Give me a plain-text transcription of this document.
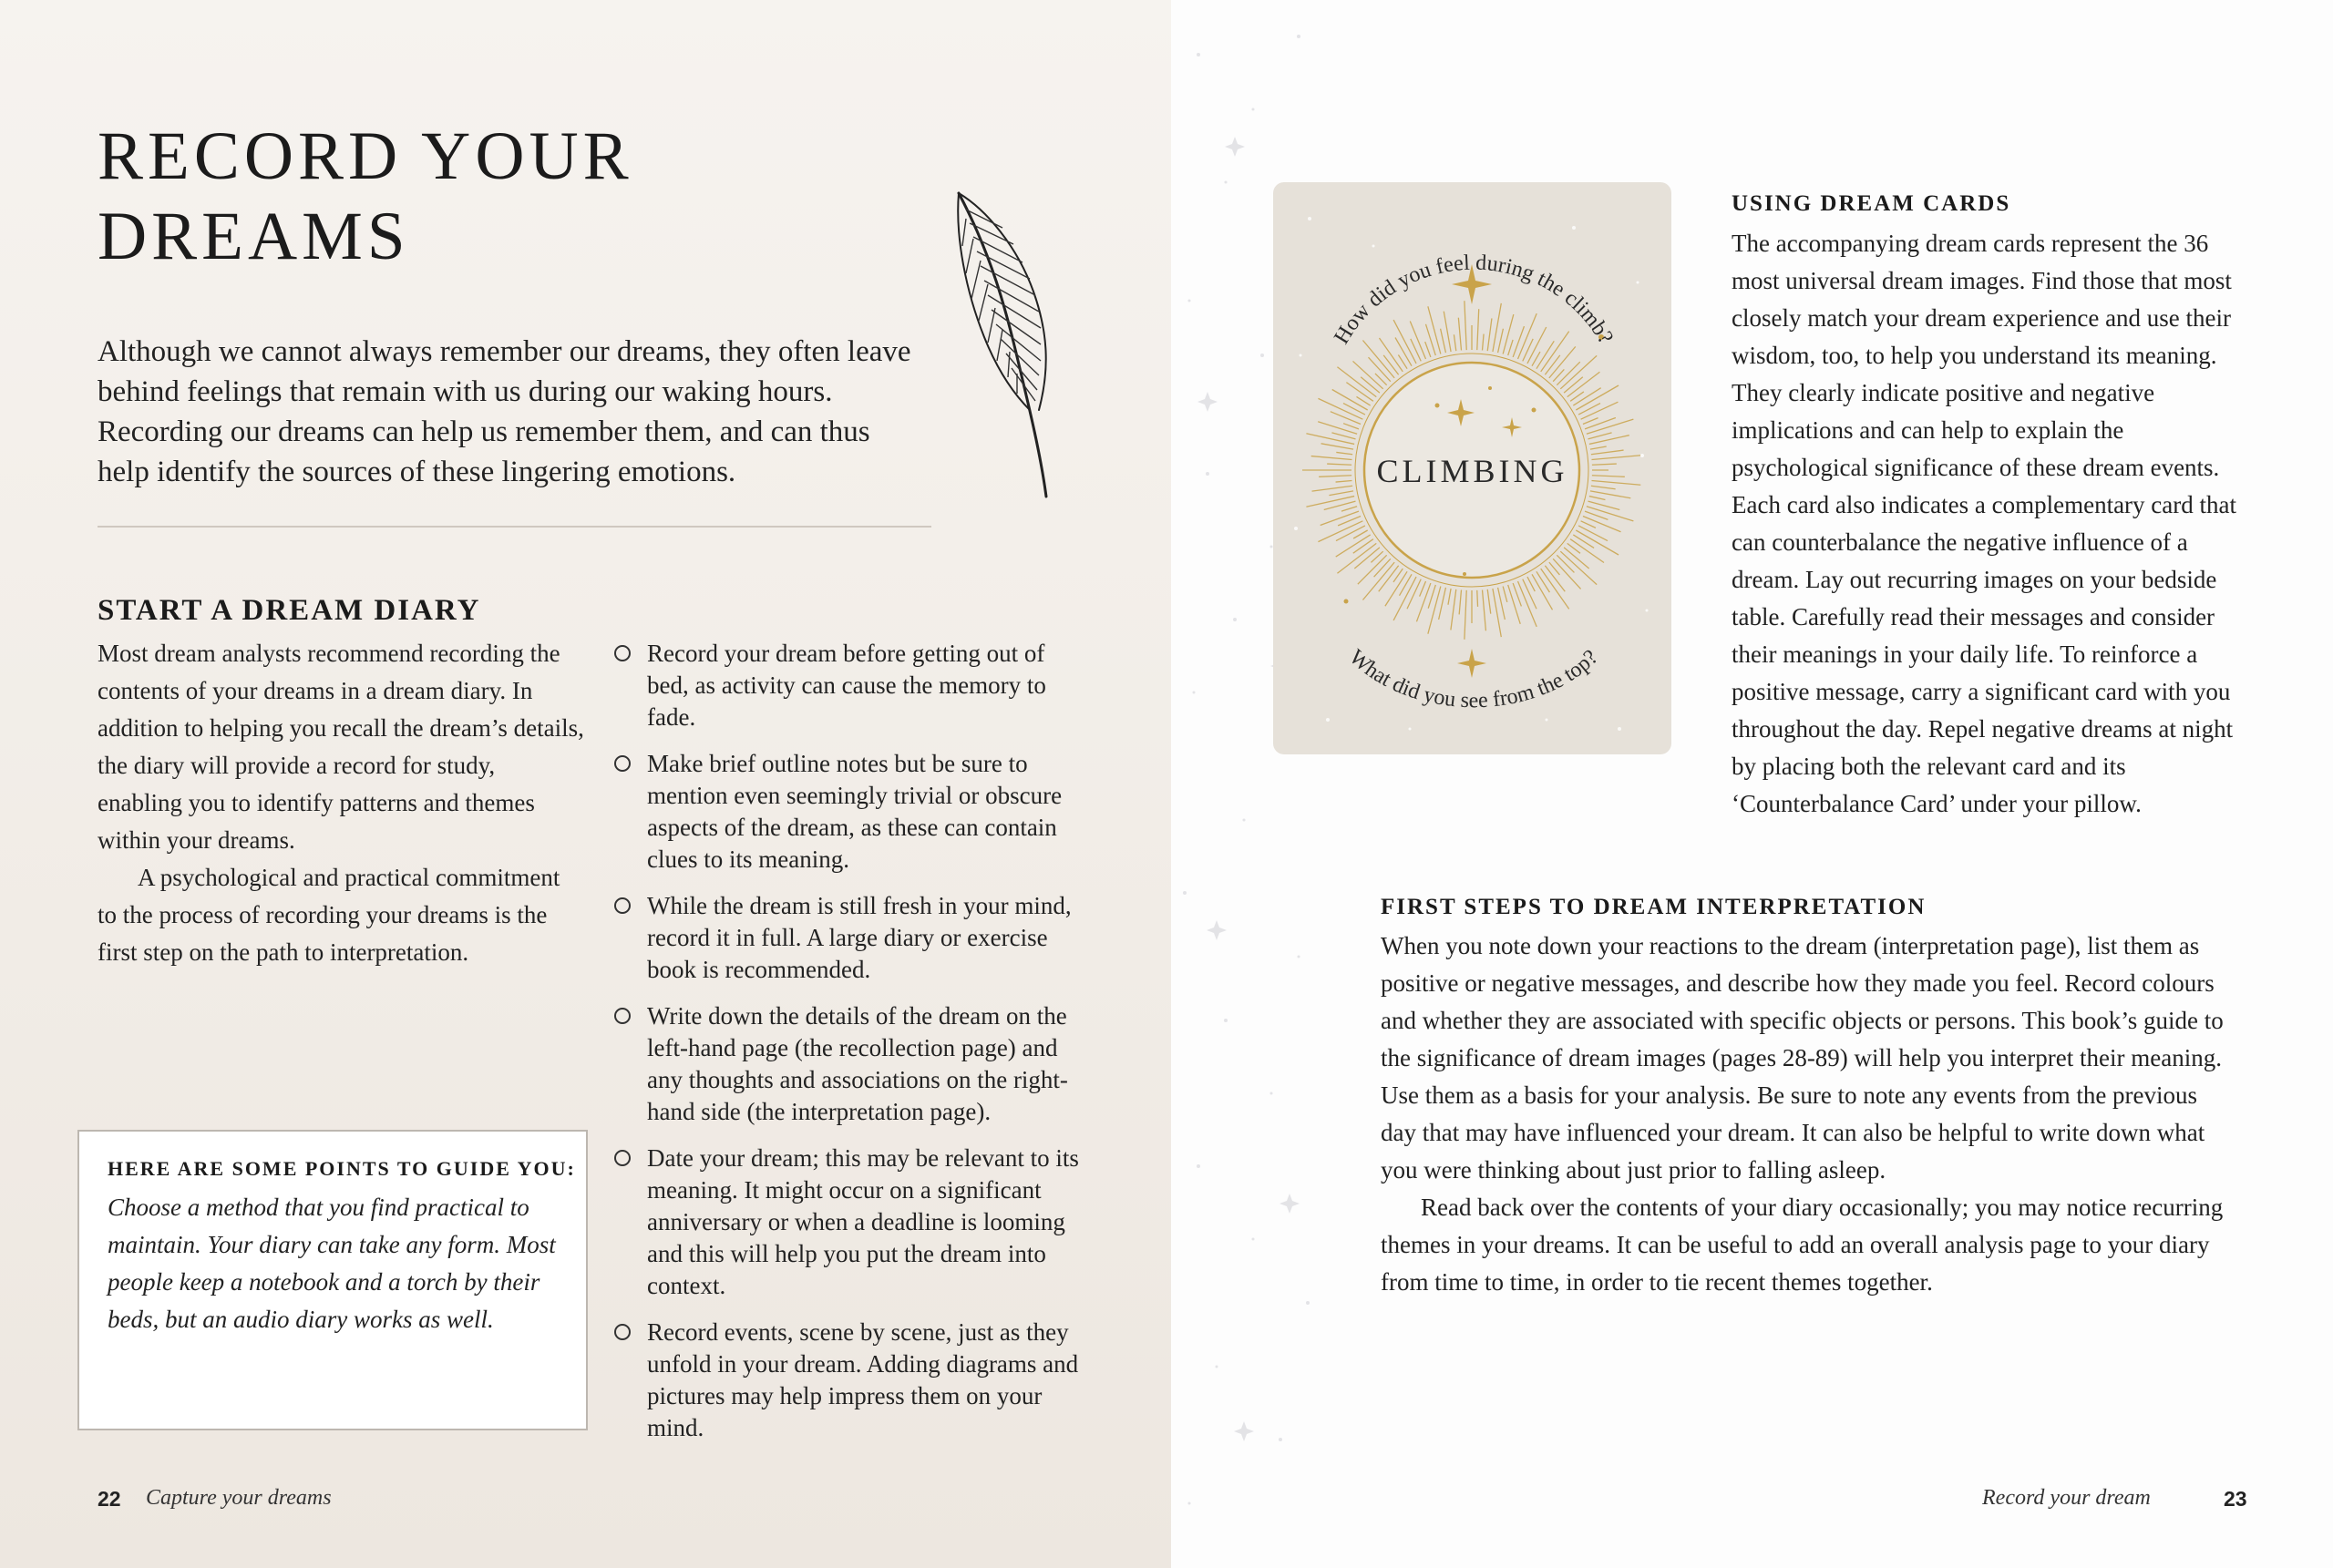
RECORD YOUR
DREAMS
Although we cannot always remember our dreams, they often leave behind feelings that remain with us during our waking hours. Recording our dreams can help us remember them, and can thus help identify the sources of these lingering emotions.
START A DREAM DIARY
Most dream analysts recommend recording the contents of your dreams in a dream diary. In addition to helping you recall the dream’s details, the diary will provide a record for study, enabling you to identify patterns and themes within your dreams.
A psychological and practical commitment to the process of recording your dreams is the first step on the path to interpretation.
Record your dream before getting out of bed, as activity can cause the memory to fade.
Make brief outline notes but be sure to mention even seemingly trivial or obscure aspects of the dream, as these can contain clues to its meaning.
While the dream is still fresh in your mind, record it in full. A large diary or exercise book is recommended.
Write down the details of the dream on the left-hand page (the recollection page) and any thoughts and associations on the right-hand side (the interpretation page).
Date your dream; this may be relevant to its meaning. It might occur on a significant anniversary or when a deadline is looming and this will help you put the dream into context.
Record events, scene by scene, just as they unfold in your dream. Adding diagrams and pictures may help impress them on your mind.
HERE ARE SOME POINTS TO GUIDE YOU:
Choose a method that you find practical to maintain. Your diary can take any form. Most people keep a notebook and a torch by their beds, but an audio diary works as well.
22 Capture your dreams
How did you feel during the climb?
What did you see from the top?
CLIMBING
USING DREAM CARDS
The accompanying dream cards represent the 36 most universal dream images. Find those that most closely match your dream experience and use their wisdom, too, to help you understand its meaning. They clearly indicate positive and negative implications and can help to explain the psychological significance of these dream events. Each card also indicates a complementary card that can counterbalance the negative influence of a dream. Lay out recurring images on your bedside table. Carefully read their messages and consider their meanings in your daily life. To reinforce a positive message, carry a significant card with you throughout the day. Repel negative dreams at night by placing both the relevant card and its ‘Counterbalance Card’ under your pillow.
FIRST STEPS TO DREAM INTERPRETATION
When you note down your reactions to the dream (interpretation page), list them as positive or negative messages, and describe how they made you feel. Record colours and whether they are associated with specific objects or persons. This book’s guide to the significance of dream images (pages 28-89) will help you interpret their meaning. Use them as a basis for your analysis. Be sure to note any events from the previous day that may have influenced your dream. It can also be helpful to write down what you were thinking about just prior to falling asleep.
Read back over the contents of your diary occasionally; you may notice recurring themes in your dreams. It can be useful to add an overall analysis page to your diary from time to time, in order to tie recent themes together.
Record your dream	23
